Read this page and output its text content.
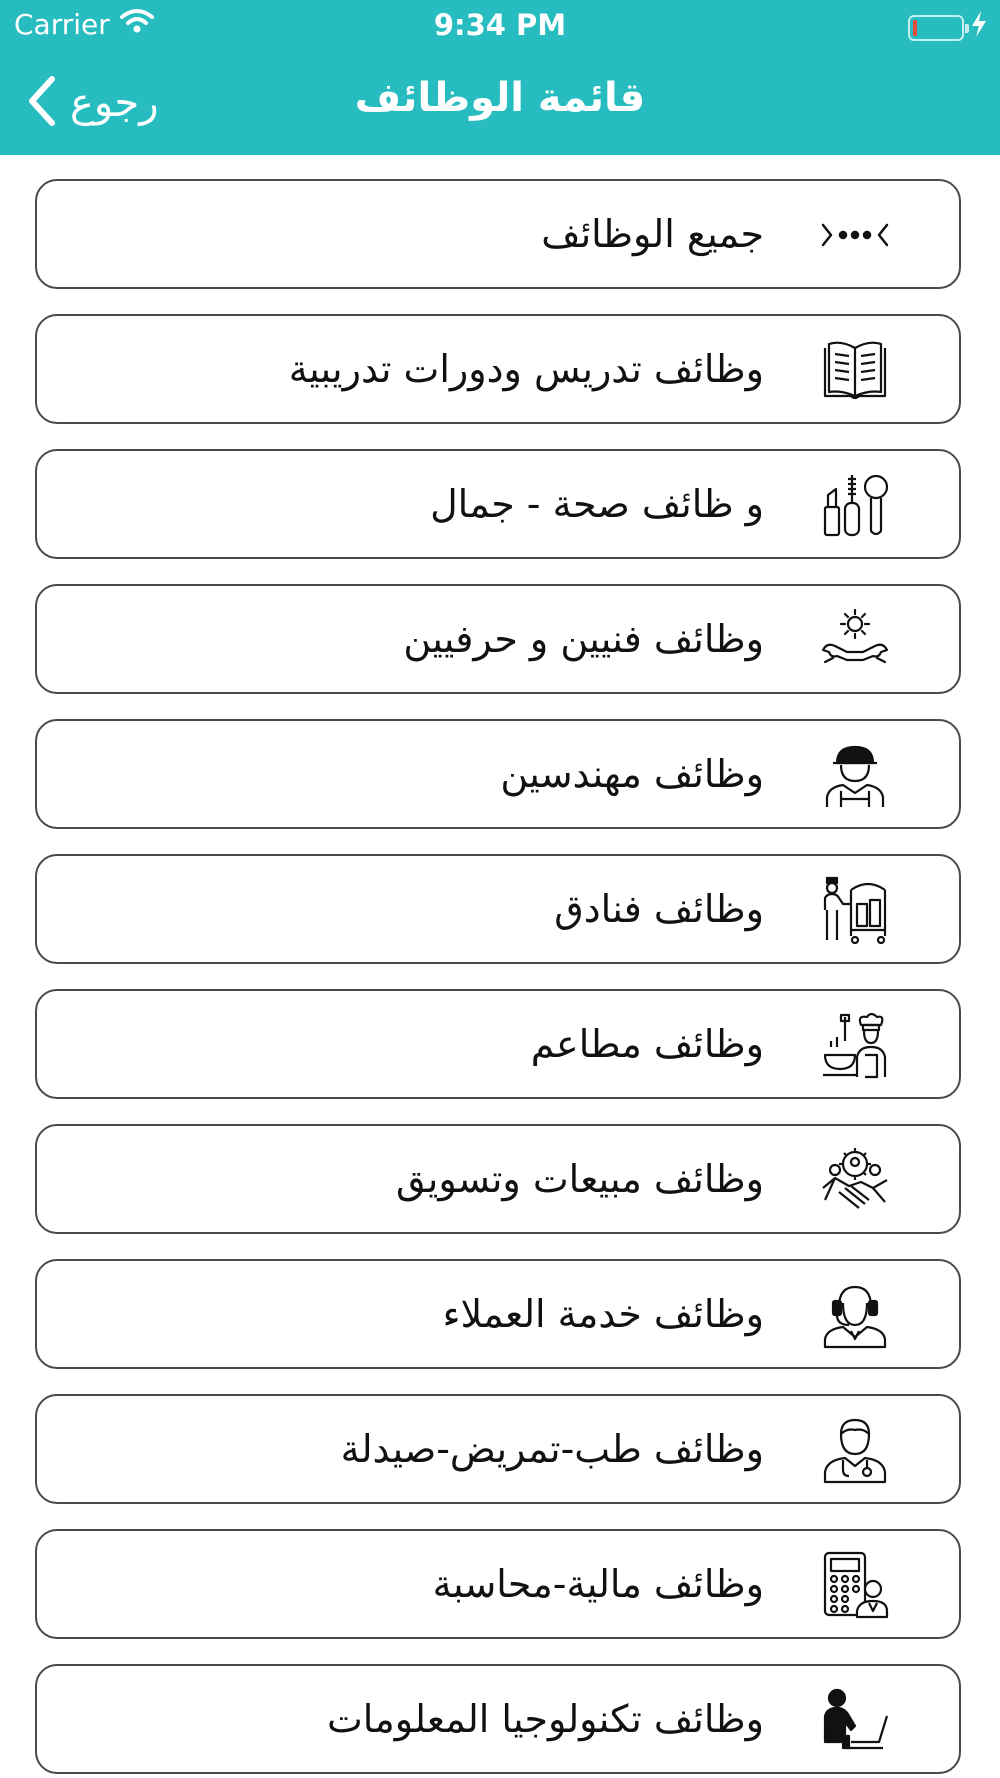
Carrier	9:34 PM
رجوع	قائمة الوظائف
جميع الوظائف
وظائف تدريس ودورات تدريبية
و ظائف صحة - جمال
وظائف فنيين و حرفيين
وظائف مهندسين
وظائف فنادق
وظائف مطاعم
وظائف مبيعات وتسويق
وظائف خدمة العملاء
وظائف طب-تمريض-صيدلة
وظائف مالية-محاسبة
وظائف تكنولوجيا المعلومات
